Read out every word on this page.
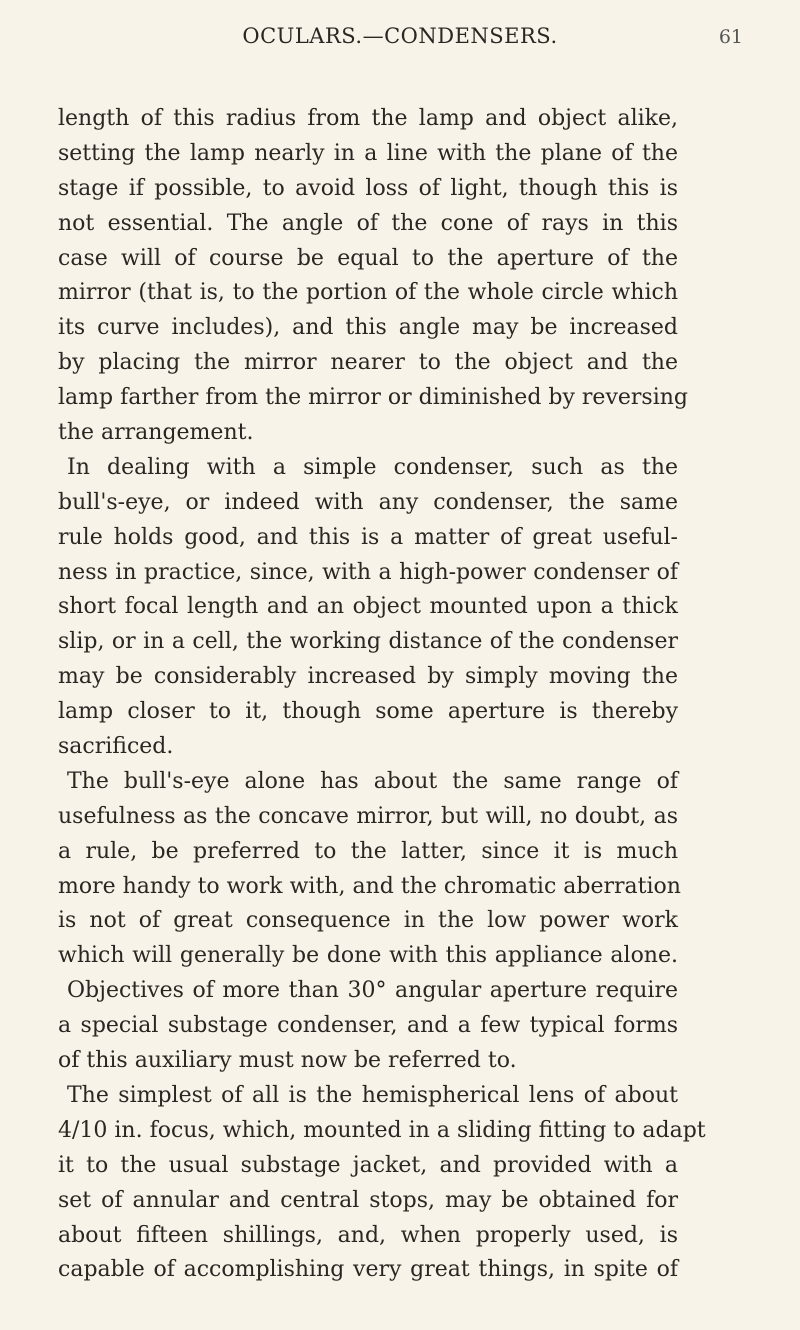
OCULARS.—CONDENSERS.	61
length of this radius from the lamp and object alike,
setting the lamp nearly in a line with the plane of the
stage if possible, to avoid loss of light, though this is
not essential. The angle of the cone of rays in this
case will of course be equal to the aperture of the
mirror (that is, to the portion of the whole circle which
its curve includes), and this angle may be increased
by placing the mirror nearer to the object and the
lamp farther from the mirror or diminished by reversing
the arrangement.
In dealing with a simple condenser, such as the
bull's-eye, or indeed with any condenser, the same
rule holds good, and this is a matter of great useful-
ness in practice, since, with a high-power condenser of
short focal length and an object mounted upon a thick
slip, or in a cell, the working distance of the condenser
may be considerably increased by simply moving the
lamp closer to it, though some aperture is thereby
sacrificed.
The bull's-eye alone has about the same range of
usefulness as the concave mirror, but will, no doubt, as
a rule, be preferred to the latter, since it is much
more handy to work with, and the chromatic aberration
is not of great consequence in the low power work
which will generally be done with this appliance alone.
Objectives of more than 30° angular aperture require
a special substage condenser, and a few typical forms
of this auxiliary must now be referred to.
The simplest of all is the hemispherical lens of about
4/10 in. focus, which, mounted in a sliding fitting to adapt
it to the usual substage jacket, and provided with a
set of annular and central stops, may be obtained for
about fifteen shillings, and, when properly used, is
capable of accomplishing very great things, in spite of
